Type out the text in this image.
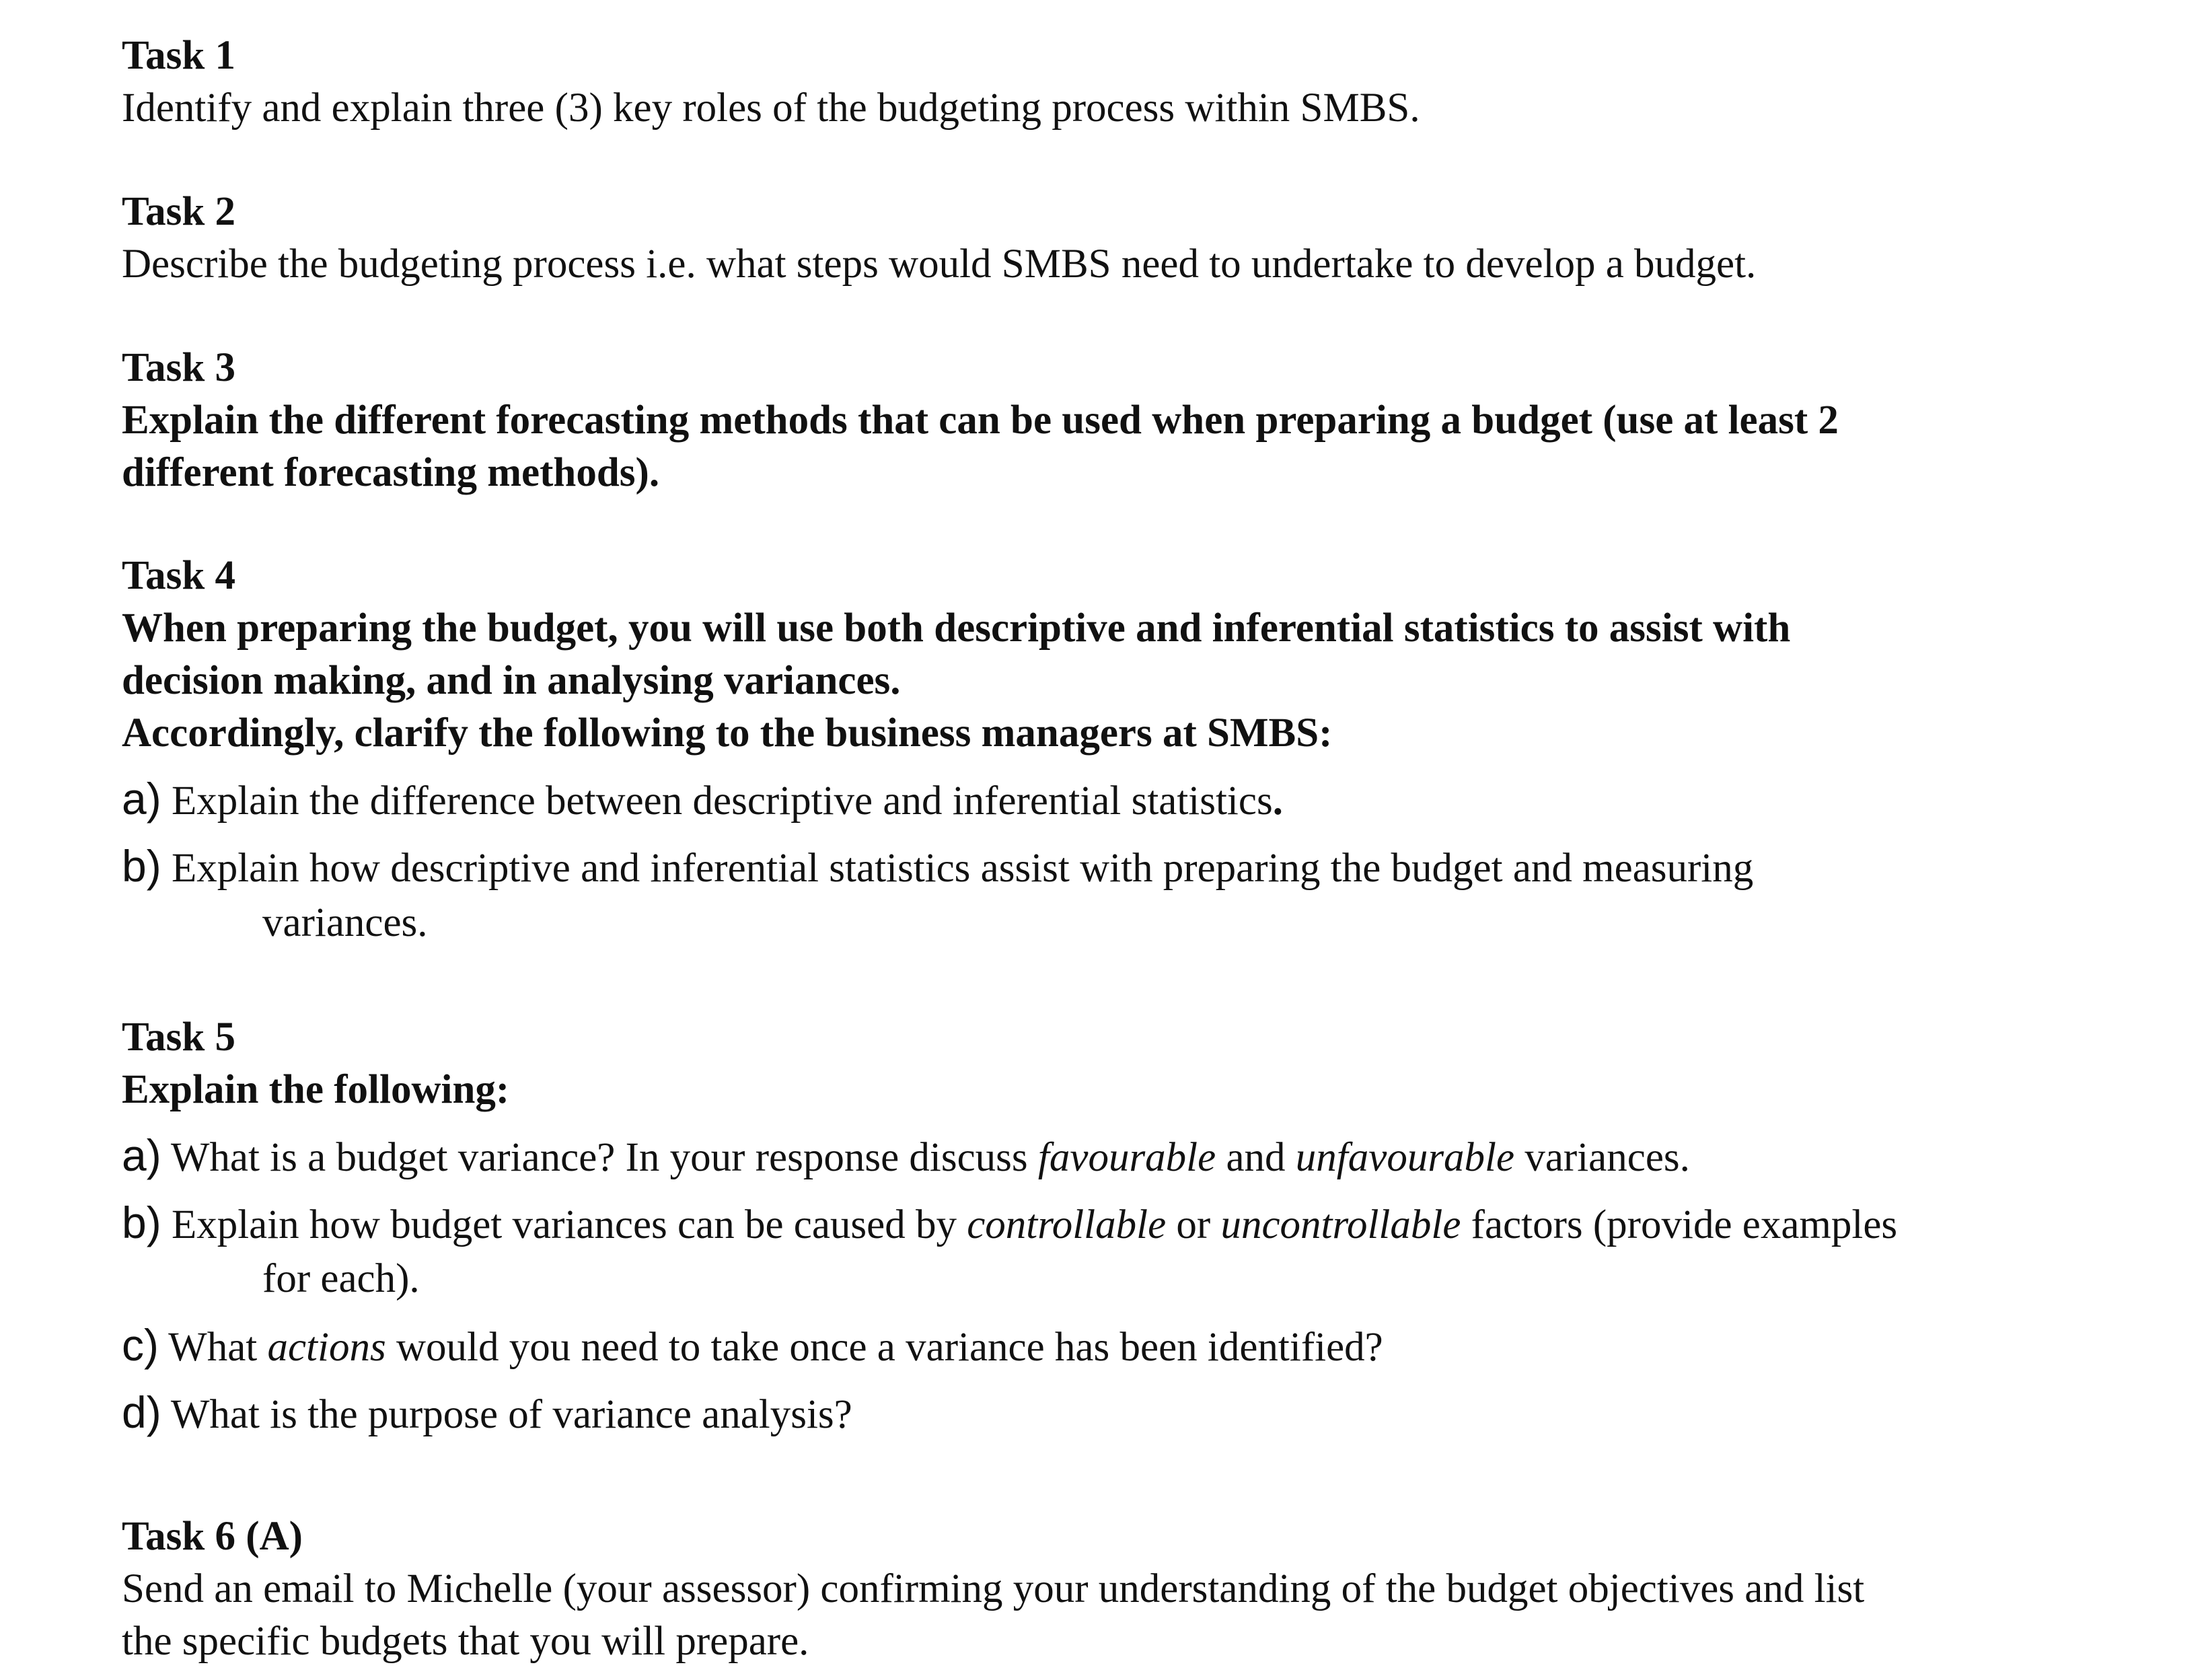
Task 1

Identify and explain three (3) key roles of the budgeting process within SMBS.

Task 2

Describe the budgeting process i.e. what steps would SMBS need to undertake to develop a budget.

Task 3

Explain the different forecasting methods that can be used when preparing a budget (use at least 2

different forecasting methods).

Task 4

When preparing the budget, you will use both descriptive and inferential statistics to assist with

decision making, and in analysing variances.

Accordingly, clarify the following to the business managers at SMBS:

a) Explain the difference between descriptive and inferential statistics.

b) Explain how descriptive and inferential statistics assist with preparing the budget and measuring

variances.

Task 5

Explain the following:

a) What is a budget variance? In your response discuss favourable and unfavourable variances.

b) Explain how budget variances can be caused by controllable or uncontrollable factors (provide examples

for each).

c) What actions would you need to take once a variance has been identified?

d) What is the purpose of variance analysis?

Task 6 (A)

Send an email to Michelle (your assessor) confirming your understanding of the budget objectives and list

the specific budgets that you will prepare.
